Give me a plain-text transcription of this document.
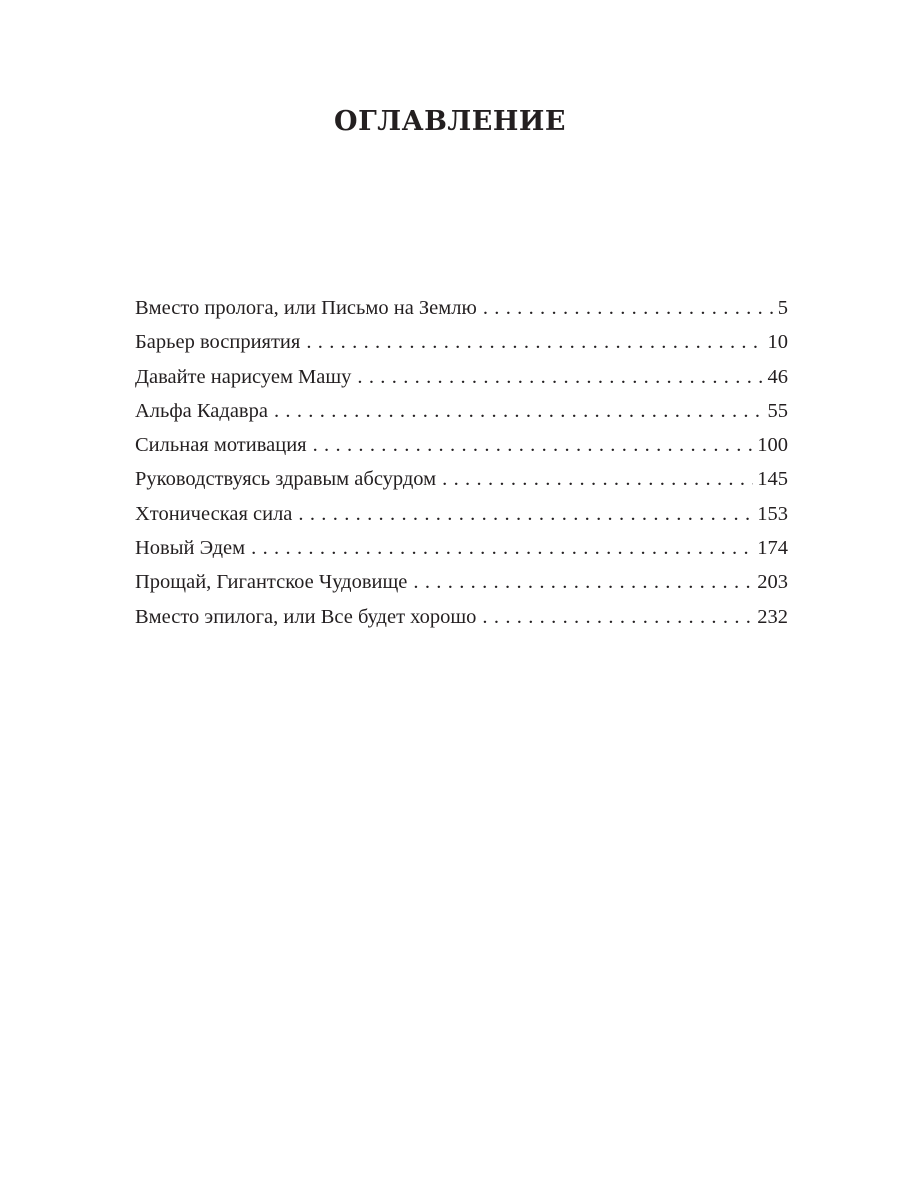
ОГЛАВЛЕНИЕ
Вместо пролога, или Письмо на Землю . . .	5
Барьер восприятия . . .	10
Давайте нарисуем Машу . . .	46
Альфа Кадавра . . .	55
Сильная мотивация . . .	100
Руководствуясь здравым абсурдом . . .	145
Хтоническая сила . . .	153
Новый Эдем . . .	174
Прощай, Гигантское Чудовище . . .	203
Вместо эпилога, или Все будет хорошо . . .	232
